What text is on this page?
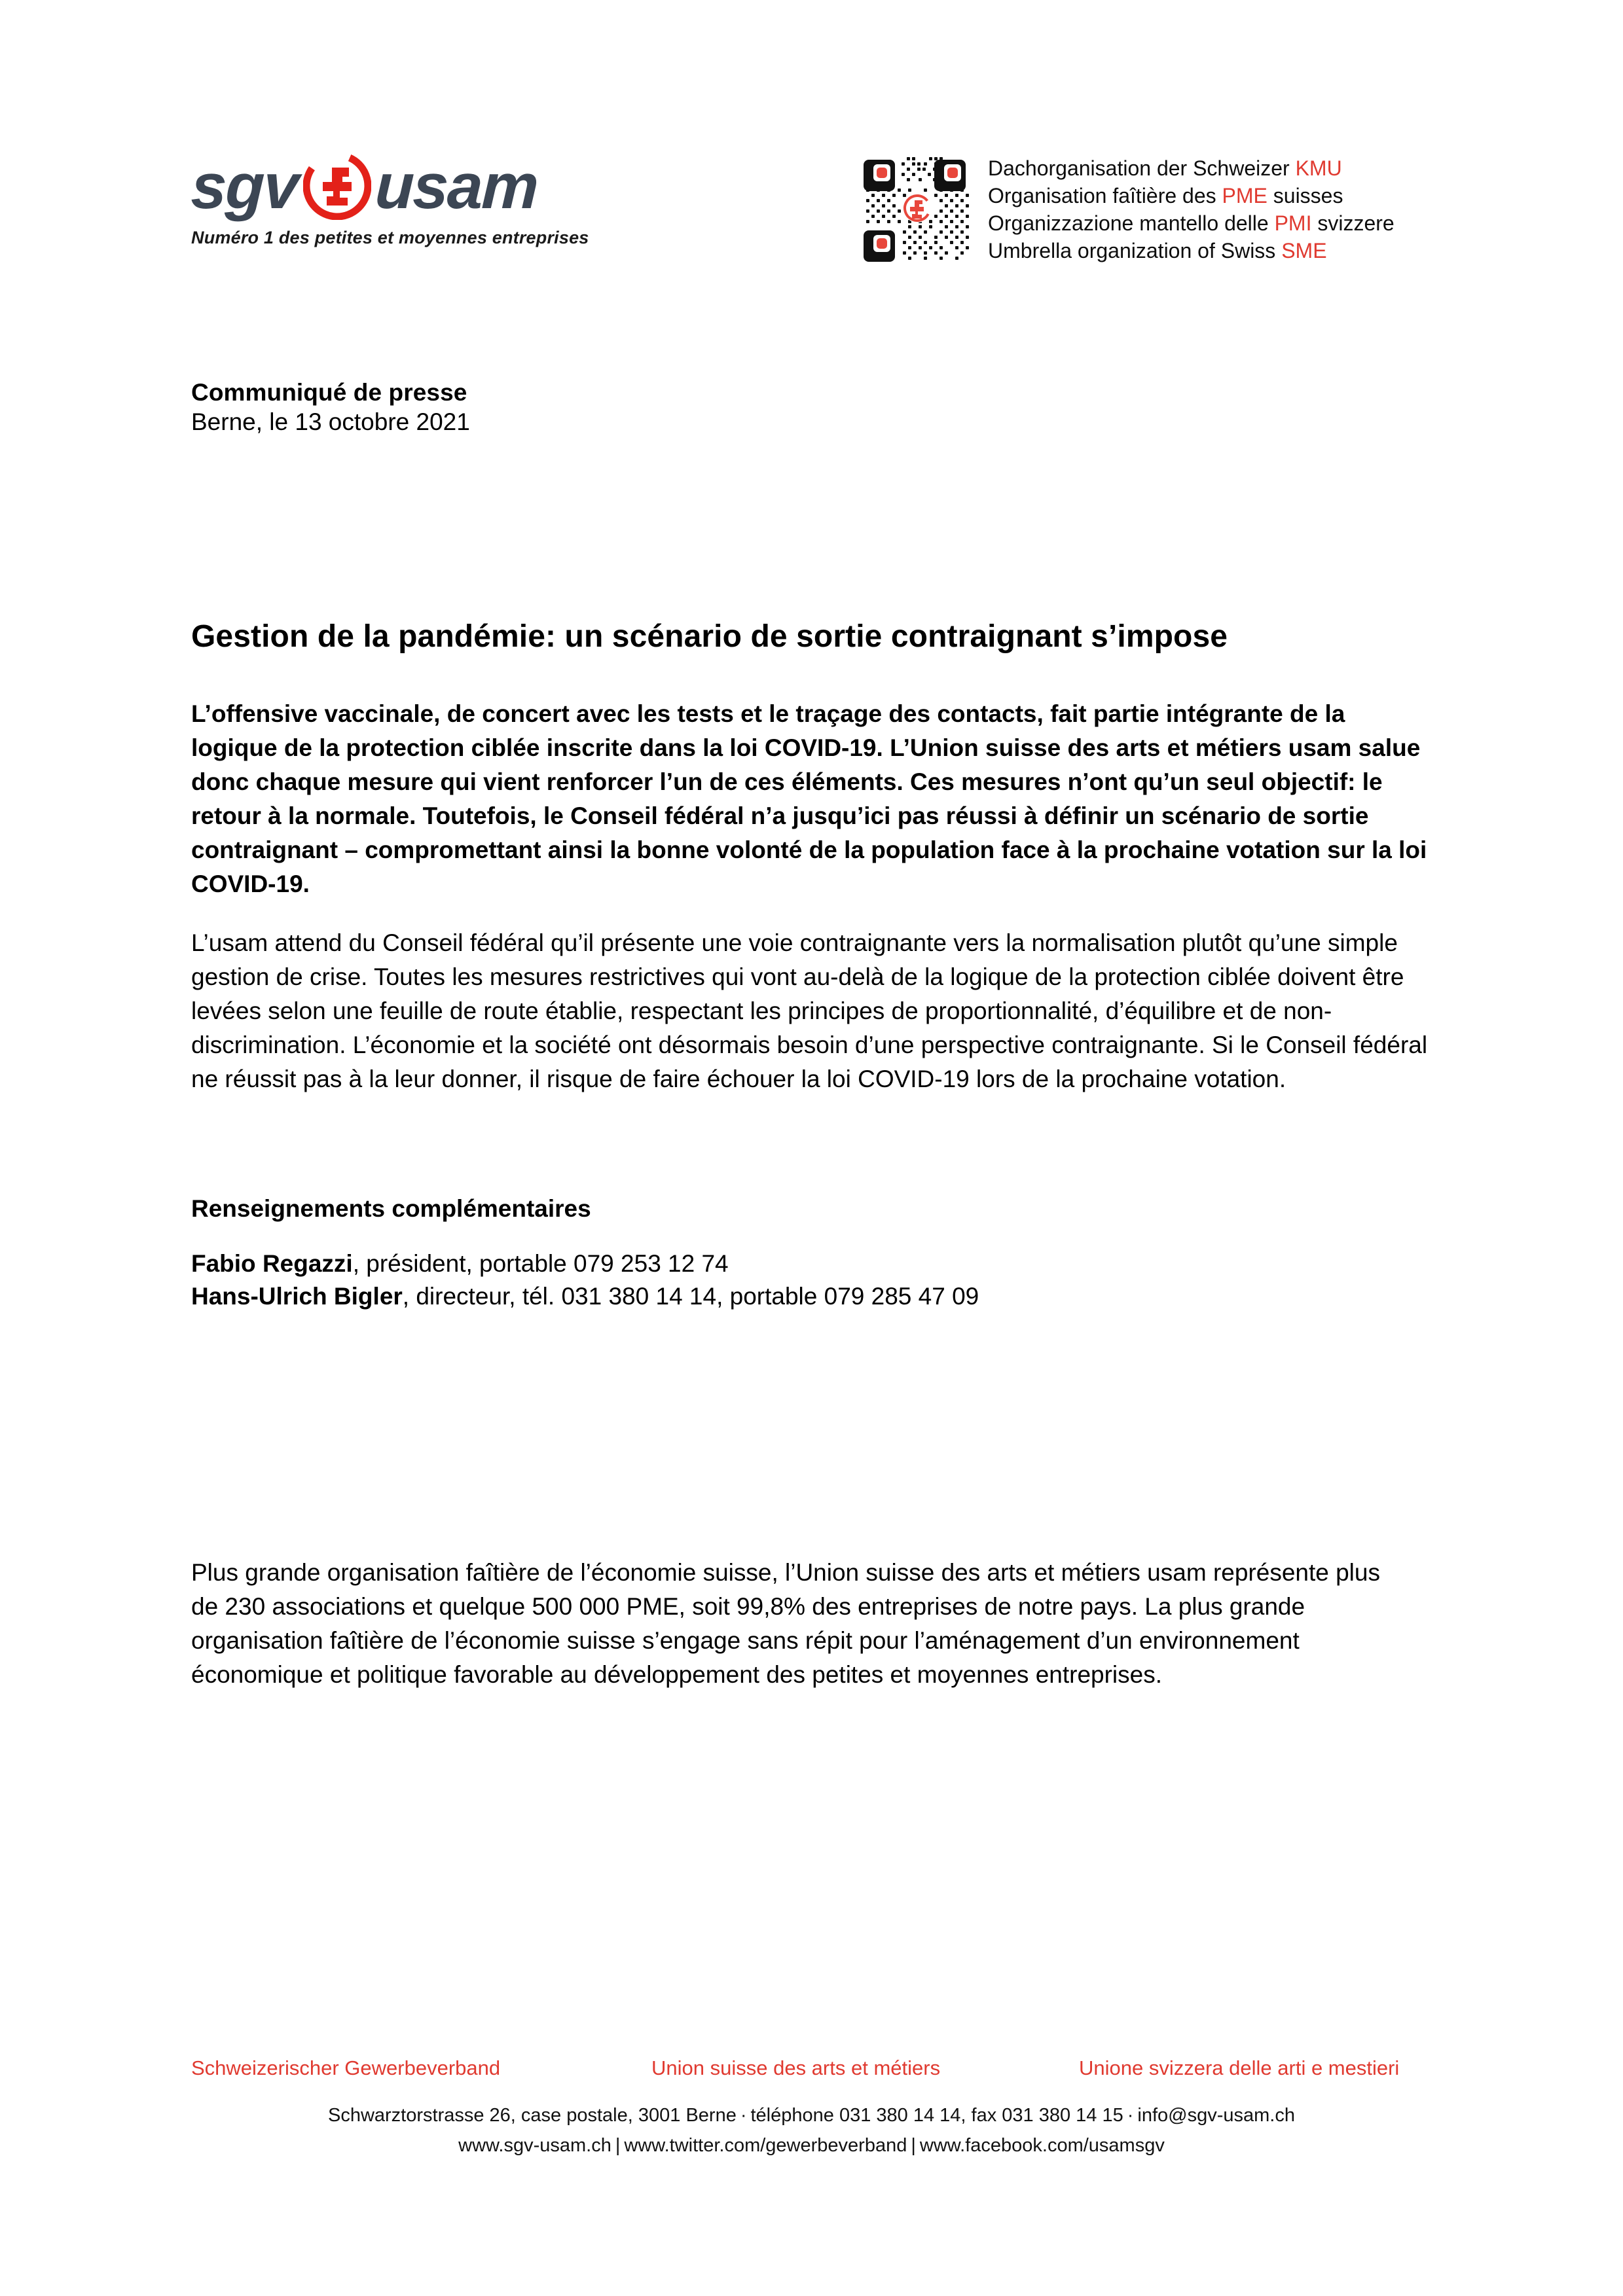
sgv usam
Numéro 1 des petites et moyennes entreprises
Dachorganisation der Schweizer KMU
Organisation faîtière des PME suisses
Organizzazione mantello delle PMI svizzere
Umbrella organization of Swiss SME
Communiqué de presse
Berne, le 13 octobre 2021
Gestion de la pandémie: un scénario de sortie contraignant s’impose

L’offensive vaccinale, de concert avec les tests et le traçage des contacts, fait partie intégrante de la logique de la protection ciblée inscrite dans la loi COVID-19. L’Union suisse des arts et métiers usam salue donc chaque mesure qui vient renforcer l’un de ces éléments. Ces mesures n’ont qu’un seul objectif: le retour à la normale. Toutefois, le Conseil fédéral n’a jusqu’ici pas réussi à définir un scénario de sortie contraignant – compromettant ainsi la bonne volonté de la population face à la prochaine votation sur la loi COVID-19.

L’usam attend du Conseil fédéral qu’il présente une voie contraignante vers la normalisation plutôt qu’une simple gestion de crise. Toutes les mesures restrictives qui vont au-delà de la logique de la protection ciblée doivent être levées selon une feuille de route établie, respectant les principes de proportionnalité, d’équilibre et de non-discrimination. L’économie et la société ont désormais besoin d’une perspective contraignante. Si le Conseil fédéral ne réussit pas à la leur donner, il risque de faire échouer la loi COVID-19 lors de la prochaine votation.

Renseignements complémentaires
Fabio Regazzi, président, portable 079 253 12 74
Hans-Ulrich Bigler, directeur, tél. 031 380 14 14, portable 079 285 47 09

Plus grande organisation faîtière de l’économie suisse, l’Union suisse des arts et métiers usam représente plus de 230 associations et quelque 500 000 PME, soit 99,8% des entreprises de notre pays. La plus grande organisation faîtière de l’économie suisse s’engage sans répit pour l’aménagement d’un environnement économique et politique favorable au développement des petites et moyennes entreprises.

Schweizerischer Gewerbeverband	Union suisse des arts et métiers	Unione svizzera delle arti e mestieri
Schwarztorstrasse 26, case postale, 3001 Berne · téléphone 031 380 14 14, fax 031 380 14 15 · info@sgv-usam.ch
www.sgv-usam.ch | www.twitter.com/gewerbeverband | www.facebook.com/usamsgv
